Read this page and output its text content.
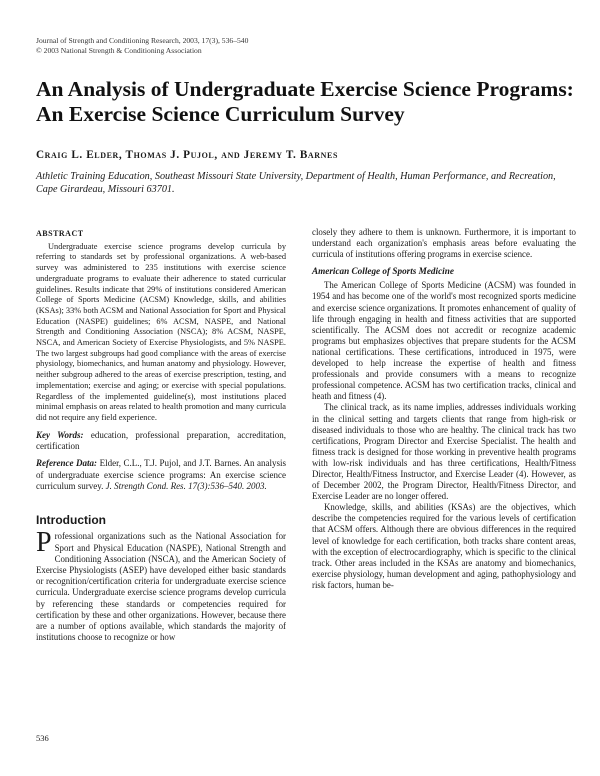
Journal of Strength and Conditioning Research, 2003, 17(3), 536–540
© 2003 National Strength & Conditioning Association
An Analysis of Undergraduate Exercise Science Programs: An Exercise Science Curriculum Survey
Craig L. Elder, Thomas J. Pujol, and Jeremy T. Barnes
Athletic Training Education, Southeast Missouri State University, Department of Health, Human Performance, and Recreation, Cape Girardeau, Missouri 63701.
ABSTRACT

Undergraduate exercise science programs develop curricula by referring to standards set by professional organizations. A web-based survey was administered to 235 institutions with exercise science undergraduate programs to evaluate their adherence to stated curricular guidelines. Results indicate that 29% of institutions considered American College of Sports Medicine (ACSM) Knowledge, skills, and abilities (KSAs); 33% both ACSM and National Association for Sport and Physical Education (NASPE) guidelines; 6% ACSM, NASPE, and National Strength and Conditioning Association (NSCA); 8% ACSM, NASPE, NSCA, and American Society of Exercise Physiologists, and 5% NASPE. The two largest subgroups had good compliance with the areas of exercise physiology, biomechanics, and human anatomy and physiology. However, neither subgroup adhered to the areas of exercise prescription, testing, and implementation; exercise and aging; or exercise with special populations. Regardless of the implemented guideline(s), most institutions placed minimal emphasis on areas related to health promotion and many curricula did not require any field experience.

Key Words: education, professional preparation, accreditation, certification

Reference Data: Elder, C.L., T.J. Pujol, and J.T. Barnes. An analysis of undergraduate exercise science programs: An exercise science curriculum survey. J. Strength Cond. Res. 17(3):536–540. 2003.

Introduction

P rofessional organizations such as the National Association for Sport and Physical Education (NASPE), National Strength and Conditioning Association (NSCA), and the American Society of Exercise Physiologists (ASEP) have developed either basic standards or recognition/certification criteria for undergraduate exercise science curricula. Undergraduate exercise science programs develop curricula by referencing these standards or competencies required for certification by these and other organizations. However, because there are a number of options available, which standards the majority of institutions choose to recognize or how

closely they adhere to them is unknown. Furthermore, it is important to understand each organization's emphasis areas before evaluating the curricula of institutions offering programs in exercise science.

American College of Sports Medicine

The American College of Sports Medicine (ACSM) was founded in 1954 and has become one of the world's most recognized sports medicine and exercise science organizations. It promotes enhancement of quality of life through engaging in health and fitness activities that are supported scientifically. The ACSM does not accredit or recognize academic programs but emphasizes objectives that prepare students for the ACSM national certifications. These certifications, introduced in 1975, were developed to help increase the expertise of health and fitness professionals and provide consumers with a means to recognize professional competence. ACSM has two certification tracks, clinical and heath and fitness (4).

The clinical track, as its name implies, addresses individuals working in the clinical setting and targets clients that range from high-risk or diseased individuals to those who are healthy. The clinical track has two certifications, Program Director and Exercise Specialist. The health and fitness track is designed for those working in preventive health programs with low-risk individuals and has three certifications, Health/Fitness Director, Health/Fitness Instructor, and Exercise Leader (4). However, as of December 2002, the Program Director, Health/Fitness Director, and Exercise Leader are no longer offered.

Knowledge, skills, and abilities (KSAs) are the objectives, which describe the competencies required for the various levels of certification that ACSM offers. Although there are obvious differences in the required level of knowledge for each certification, both tracks share content areas, with the exception of electrocardiography, which is specific to the clinical track. Other areas included in the KSAs are anatomy and biomechanics, exercise physiology, human development and aging, pathophysiology and risk factors, human be-

536
